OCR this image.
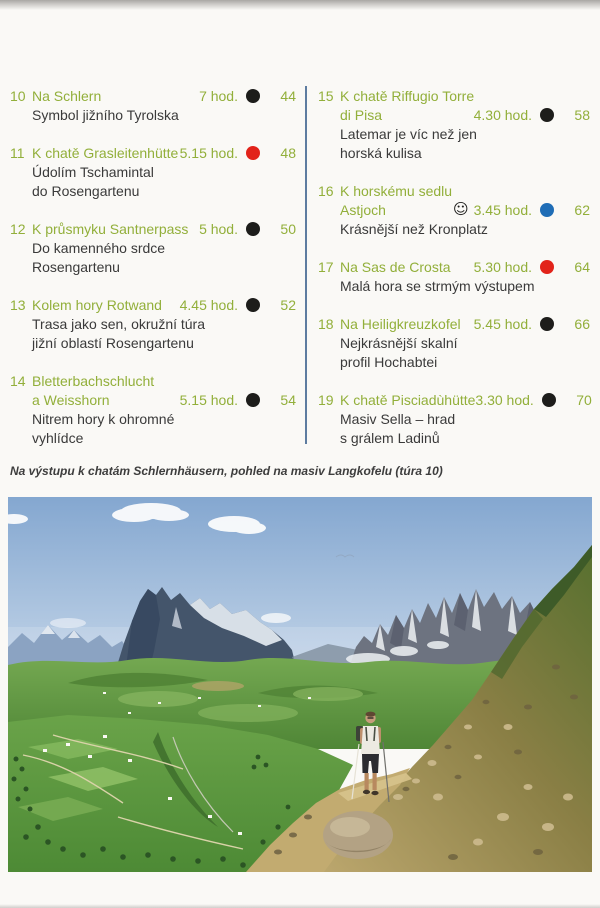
10 Na Schlern	7 hod.	44
Symbol jižního Tyrolska
11 K chatě Grasleitenhütte 5.15 hod.	48
Údolím Tschamintal
do Rosengartenu
12 K průsmyku Santnerpass 5 hod.	50
Do kamenného srdce
Rosengartenu
13 Kolem hory Rotwand 4.45 hod.	52
Trasa jako sen, okružní túra
jižní oblastí Rosengartenu
14 Bletterbachschlucht
a Weisshorn	5.15 hod.	54
Nitrem hory k ohromné
vyhlídce
15 K chatě Riffugio Torre
di Pisa	4.30 hod.	58
Latemar je víc než jen
horská kulisa
16 K horskému sedlu
Astjoch	☺ 3.45 hod.	62
Krásnější než Kronplatz
17 Na Sas de Crosta 5.30 hod.	64
Malá hora se strmým výstupem
18 Na Heiligkreuzkofel 5.45 hod.	66
Nejkrásnější skalní
profil Hochabtei
19 K chatě Pisciadùhütte 3.30 hod.	70
Masiv Sella – hrad
s grálem Ladinů
Na výstupu k chatám Schlernhäusern, pohled na masiv Langkofelu (túra 10)
